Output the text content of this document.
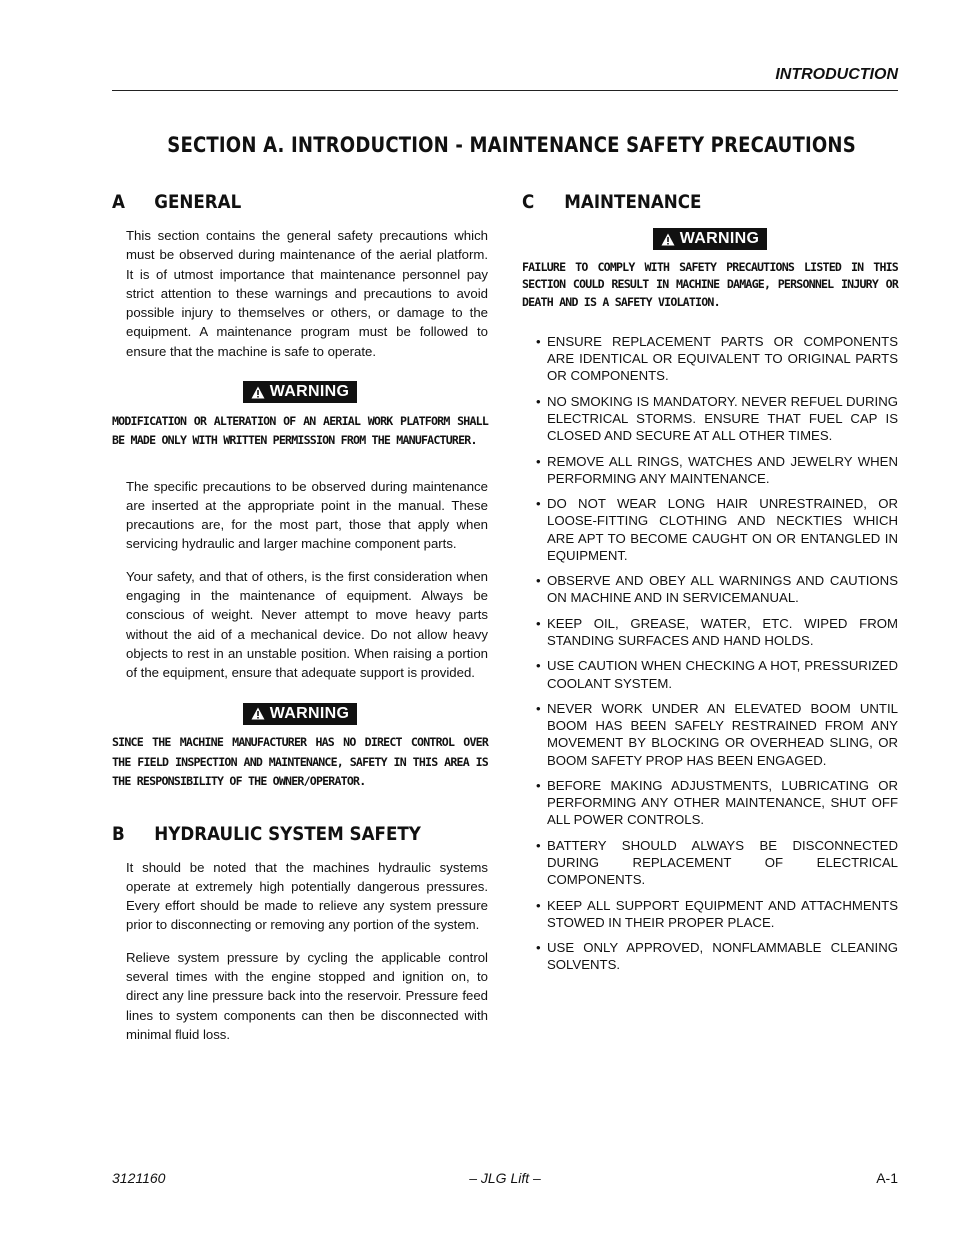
INTRODUCTION
SECTION A. INTRODUCTION - MAINTENANCE SAFETY PRECAUTIONS
A	GENERAL

This section contains the general safety precautions which must be observed during maintenance of the aerial platform. It is of utmost importance that maintenance personnel pay strict attention to these warnings and precautions to avoid possible injury to themselves or others, or damage to the equipment. A maintenance program must be followed to ensure that the machine is safe to operate.

WARNING

MODIFICATION OR ALTERATION OF AN AERIAL WORK PLATFORM SHALL BE MADE ONLY WITH WRITTEN PERMISSION FROM THE MANUFACTURER.

The specific precautions to be observed during maintenance are inserted at the appropriate point in the manual. These precautions are, for the most part, those that apply when servicing hydraulic and larger machine component parts.

Your safety, and that of others, is the first consideration when engaging in the maintenance of equipment. Always be conscious of weight. Never attempt to move heavy parts without the aid of a mechanical device. Do not allow heavy objects to rest in an unstable position. When raising a portion of the equipment, ensure that adequate support is provided.

WARNING

SINCE THE MACHINE MANUFACTURER HAS NO DIRECT CONTROL OVER THE FIELD INSPECTION AND MAINTENANCE, SAFETY IN THIS AREA IS THE RESPONSIBILITY OF THE OWNER/OPERATOR.

B	HYDRAULIC SYSTEM SAFETY

It should be noted that the machines hydraulic systems operate at extremely high potentially dangerous pressures. Every effort should be made to relieve any system pressure prior to disconnecting or removing any portion of the system.

Relieve system pressure by cycling the applicable control several times with the engine stopped and ignition on, to direct any line pressure back into the reservoir. Pressure feed lines to system components can then be disconnected with minimal fluid loss.

C	MAINTENANCE
WARNING

FAILURE TO COMPLY WITH SAFETY PRECAUTIONS LISTED IN THIS SECTION COULD RESULT IN MACHINE DAMAGE, PERSONNEL INJURY OR DEATH AND IS A SAFETY VIOLATION.

• ENSURE REPLACEMENT PARTS OR COMPONENTS ARE IDENTICAL OR EQUIVALENT TO ORIGINAL PARTS OR COMPONENTS.
• NO SMOKING IS MANDATORY. NEVER REFUEL DURING ELECTRICAL STORMS. ENSURE THAT FUEL CAP IS CLOSED AND SECURE AT ALL OTHER TIMES.
• REMOVE ALL RINGS, WATCHES AND JEWELRY WHEN PERFORMING ANY MAINTENANCE.
• DO NOT WEAR LONG HAIR UNRESTRAINED, OR LOOSE-FITTING CLOTHING AND NECKTIES WHICH ARE APT TO BECOME CAUGHT ON OR ENTANGLED IN EQUIPMENT.
• OBSERVE AND OBEY ALL WARNINGS AND CAUTIONS ON MACHINE AND IN SERVICEMANUAL.
• KEEP OIL, GREASE, WATER, ETC. WIPED FROM STANDING SURFACES AND HAND HOLDS.
• USE CAUTION WHEN CHECKING A HOT, PRESSURIZED COOLANT SYSTEM.
• NEVER WORK UNDER AN ELEVATED BOOM UNTIL BOOM HAS BEEN SAFELY RESTRAINED FROM ANY MOVEMENT BY BLOCKING OR OVERHEAD SLING, OR BOOM SAFETY PROP HAS BEEN ENGAGED.
• BEFORE MAKING ADJUSTMENTS, LUBRICATING OR PERFORMING ANY OTHER MAINTENANCE, SHUT OFF ALL POWER CONTROLS.
• BATTERY SHOULD ALWAYS BE DISCONNECTED DURING REPLACEMENT OF ELECTRICAL COMPONENTS.
• KEEP ALL SUPPORT EQUIPMENT AND ATTACHMENTS STOWED IN THEIR PROPER PLACE.
• USE ONLY APPROVED, NONFLAMMABLE CLEANING SOLVENTS.
3121160	– JLG Lift –	A-1
